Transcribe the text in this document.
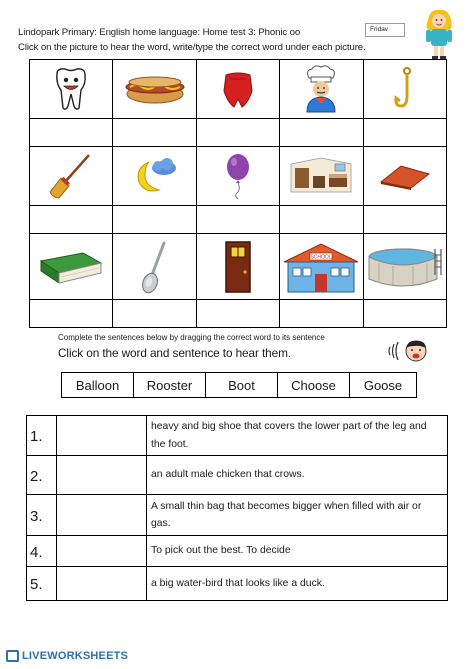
Lindopark Primary: English home language: Home test 3: Phonic oo	Fridav
Click on the picture to hear the word, write/type the correct word under each picture.

SCHOOL

Complete the sentences below by dragging the correct word to its sentence
Click on the word and sentence to hear them.
Balloon	Rooster	Boot	Choose	Goose
1.		heavy and big shoe that covers the lower part of the leg and the foot.
2.		an adult male chicken that crows.
3.		A small thin bag that becomes bigger when filled with air or gas.
4.		To pick out the best. To decide
5.		a big water-bird that looks like a duck.
LIVEWORKSHEETS
